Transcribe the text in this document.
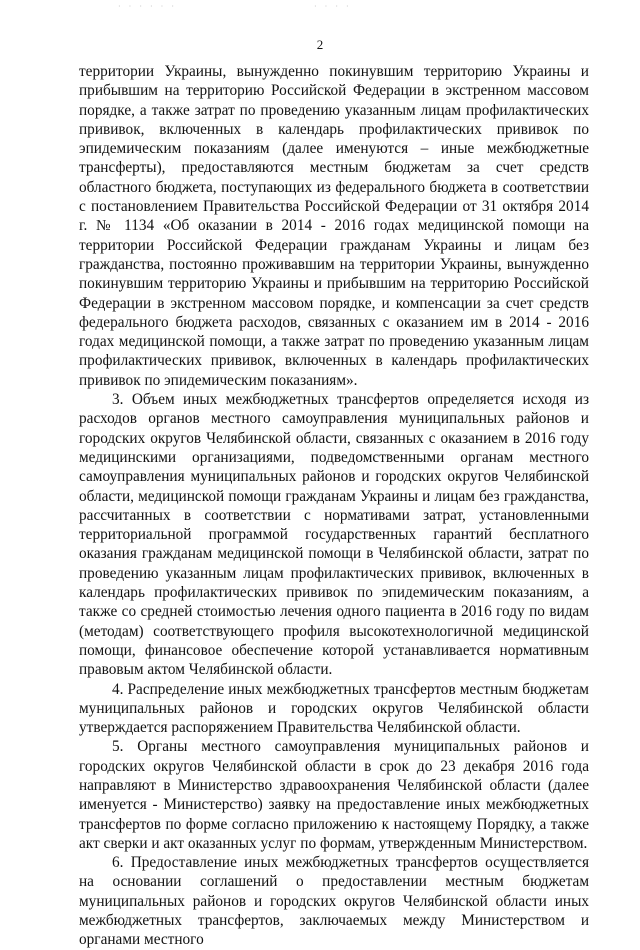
· · · · · ·	· · · ·
2

территории Украины, вынужденно покинувшим территорию Украины и прибывшим на территорию Российской Федерации в экстренном массовом порядке, а также затрат по проведению указанным лицам профилактических прививок, включенных в календарь профилактических прививок по эпидемическим показаниям (далее именуются – иные межбюджетные трансферты), предоставляются местным бюджетам за счет средств областного бюджета, поступающих из федерального бюджета в соответствии с постановлением Правительства Российской Федерации от 31 октября 2014 г. № 1134 «Об оказании в 2014 - 2016 годах медицинской помощи на территории Российской Федерации гражданам Украины и лицам без гражданства, постоянно проживавшим на территории Украины, вынужденно покинувшим территорию Украины и прибывшим на территорию Российской Федерации в экстренном массовом порядке, и компенсации за счет средств федерального бюджета расходов, связанных с оказанием им в 2014 - 2016 годах медицинской помощи, а также затрат по проведению указанным лицам профилактических прививок, включенных в календарь профилактических прививок по эпидемическим показаниям».

3. Объем иных межбюджетных трансфертов определяется исходя из расходов органов местного самоуправления муниципальных районов и городских округов Челябинской области, связанных с оказанием в 2016 году медицинскими организациями, подведомственными органам местного самоуправления муниципальных районов и городских округов Челябинской области, медицинской помощи гражданам Украины и лицам без гражданства, рассчитанных в соответствии с нормативами затрат, установленными территориальной программой государственных гарантий бесплатного оказания гражданам медицинской помощи в Челябинской области, затрат по проведению указанным лицам профилактических прививок, включенных в календарь профилактических прививок по эпидемическим показаниям, а также со средней стоимостью лечения одного пациента в 2016 году по видам (методам) соответствующего профиля высокотехнологичной медицинской помощи, финансовое обеспечение которой устанавливается нормативным правовым актом Челябинской области.

4. Распределение иных межбюджетных трансфертов местным бюджетам муниципальных районов и городских округов Челябинской области утверждается распоряжением Правительства Челябинской области.

5. Органы местного самоуправления муниципальных районов и городских округов Челябинской области в срок до 23 декабря 2016 года направляют в Министерство здравоохранения Челябинской области (далее именуется - Министерство) заявку на предоставление иных межбюджетных трансфертов по форме согласно приложению к настоящему Порядку, а также акт сверки и акт оказанных услуг по формам, утвержденным Министерством.

6. Предоставление иных межбюджетных трансфертов осуществляется на основании соглашений о предоставлении местным бюджетам муниципальных районов и городских округов Челябинской области иных межбюджетных трансфертов, заключаемых между Министерством и органами местного
